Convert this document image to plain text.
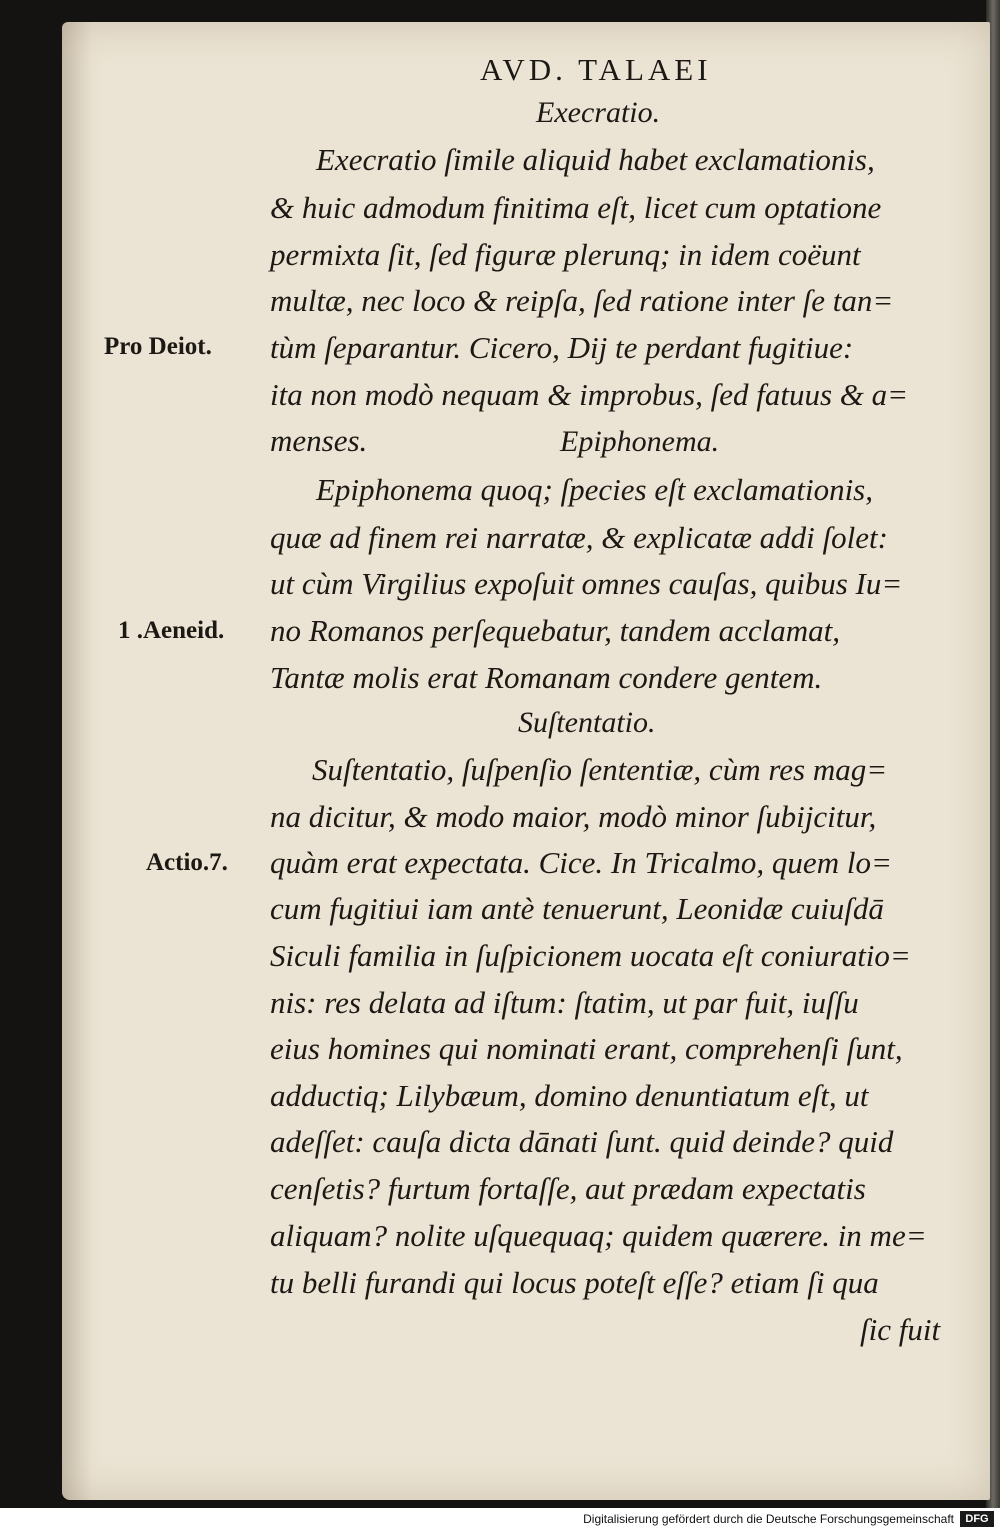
AVD. TALAEI
Execratio ſimile aliquid habet exclamationis,
& huic admodum finitima eſt, licet cum optatione
permixta ſit, ſed figuræ plerunq; in idem coëunt
multæ, nec loco & reipſa, ſed ratione inter ſe tan=
tùm ſeparantur. Cicero, Dij te perdant fugitiue:
ita non modò nequam & improbus, ſed fatuus & a=
menses.
Epiphonema quoq; ſpecies eſt exclamationis,
quæ ad finem rei narratæ, & explicatæ addi ſolet:
ut cùm Virgilius expoſuit omnes cauſas, quibus Iu=
no Romanos perſequebatur, tandem acclamat,
Tantæ molis erat Romanam condere gentem.
Suſtentatio, ſuſpenſio ſententiæ, cùm res mag=
na dicitur, & modo maior, modò minor ſubijcitur,
quàm erat expectata. Cice. In Tricalmo, quem lo=
cum fugitiui iam antè tenuerunt, Leonidæ cuiuſdā
Siculi familia in ſuſpicionem uocata eſt coniuratio=
nis: res delata ad iſtum: ſtatim, ut par fuit, iuſſu
eius homines qui nominati erant, comprehenſi ſunt,
adductiq; Lilybæum, domino denuntiatum eſt, ut
adeſſet: cauſa dicta dānati ſunt. quid deinde? quid
cenſetis? furtum fortaſſe, aut prædam expectatis
aliquam? nolite uſquequaq; quidem quærere. in me=
tu belli furandi qui locus poteſt eſſe? etiam ſi qua
ſic fuit
Execratio.
Epiphonema.
Suſtentatio.
Pro Deiot.
1 .Aeneid.
Actio.7.
Digitalisierung gefördert durch die Deutsche Forschungsgemeinschaft	DFG
